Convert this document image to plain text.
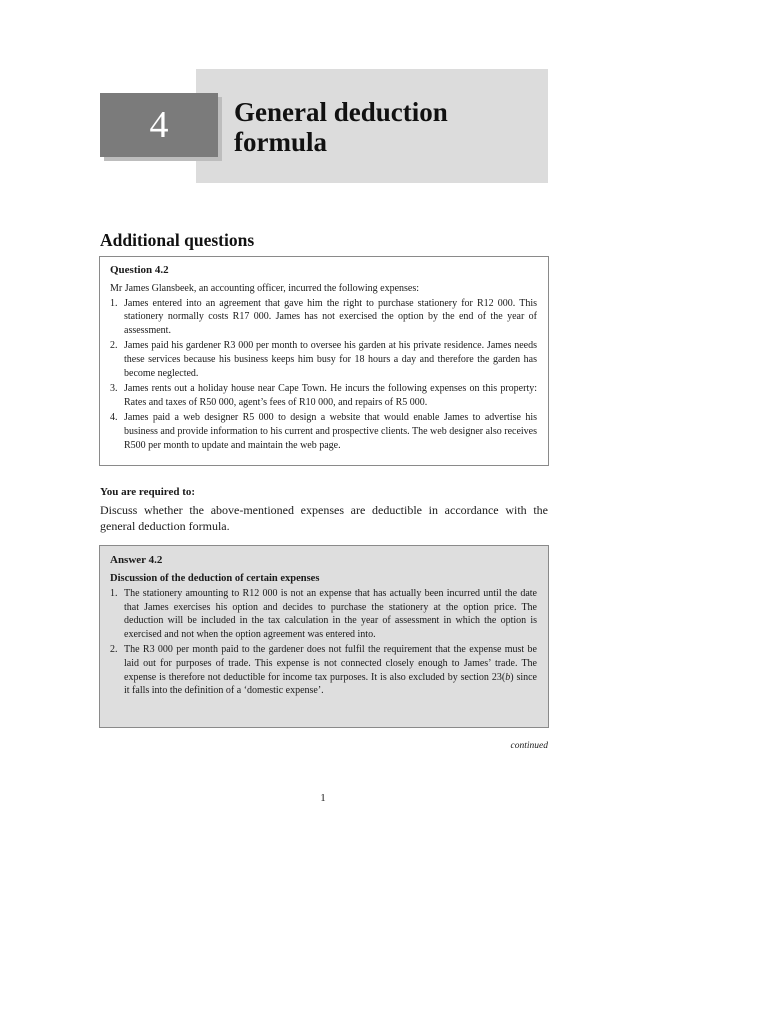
4	General deduction
formula
Additional questions
Question 4.2
Mr James Glansbeek, an accounting officer, incurred the following expenses:
1. James entered into an agreement that gave him the right to purchase stationery for R12 000. This stationery normally costs R17 000. James has not exercised the option by the end of the year of assessment.
2. James paid his gardener R3 000 per month to oversee his garden at his private residence. James needs these services because his business keeps him busy for 18 hours a day and therefore the garden has become neglected.
3. James rents out a holiday house near Cape Town. He incurs the following expenses on this property: Rates and taxes of R50 000, agent’s fees of R10 000, and repairs of R5 000.
4. James paid a web designer R5 000 to design a website that would enable James to advertise his business and provide information to his current and prospective clients. The web designer also receives R500 per month to update and maintain the web page.
You are required to:
Discuss whether the above-mentioned expenses are deductible in accordance with the general deduction formula.
Answer 4.2
Discussion of the deduction of certain expenses
1. The stationery amounting to R12 000 is not an expense that has actually been incurred until the date that James exercises his option and decides to purchase the stationery at the option price. The deduction will be included in the tax calculation in the year of assessment in which the option is exercised and not when the option agreement was entered into.
2. The R3 000 per month paid to the gardener does not fulfil the requirement that the expense must be laid out for purposes of trade. This expense is not connected closely enough to James’ trade. The expense is therefore not deductible for income tax purposes. It is also excluded by section 23(b) since it falls into the definition of a ‘domestic expense’.
continued
1
